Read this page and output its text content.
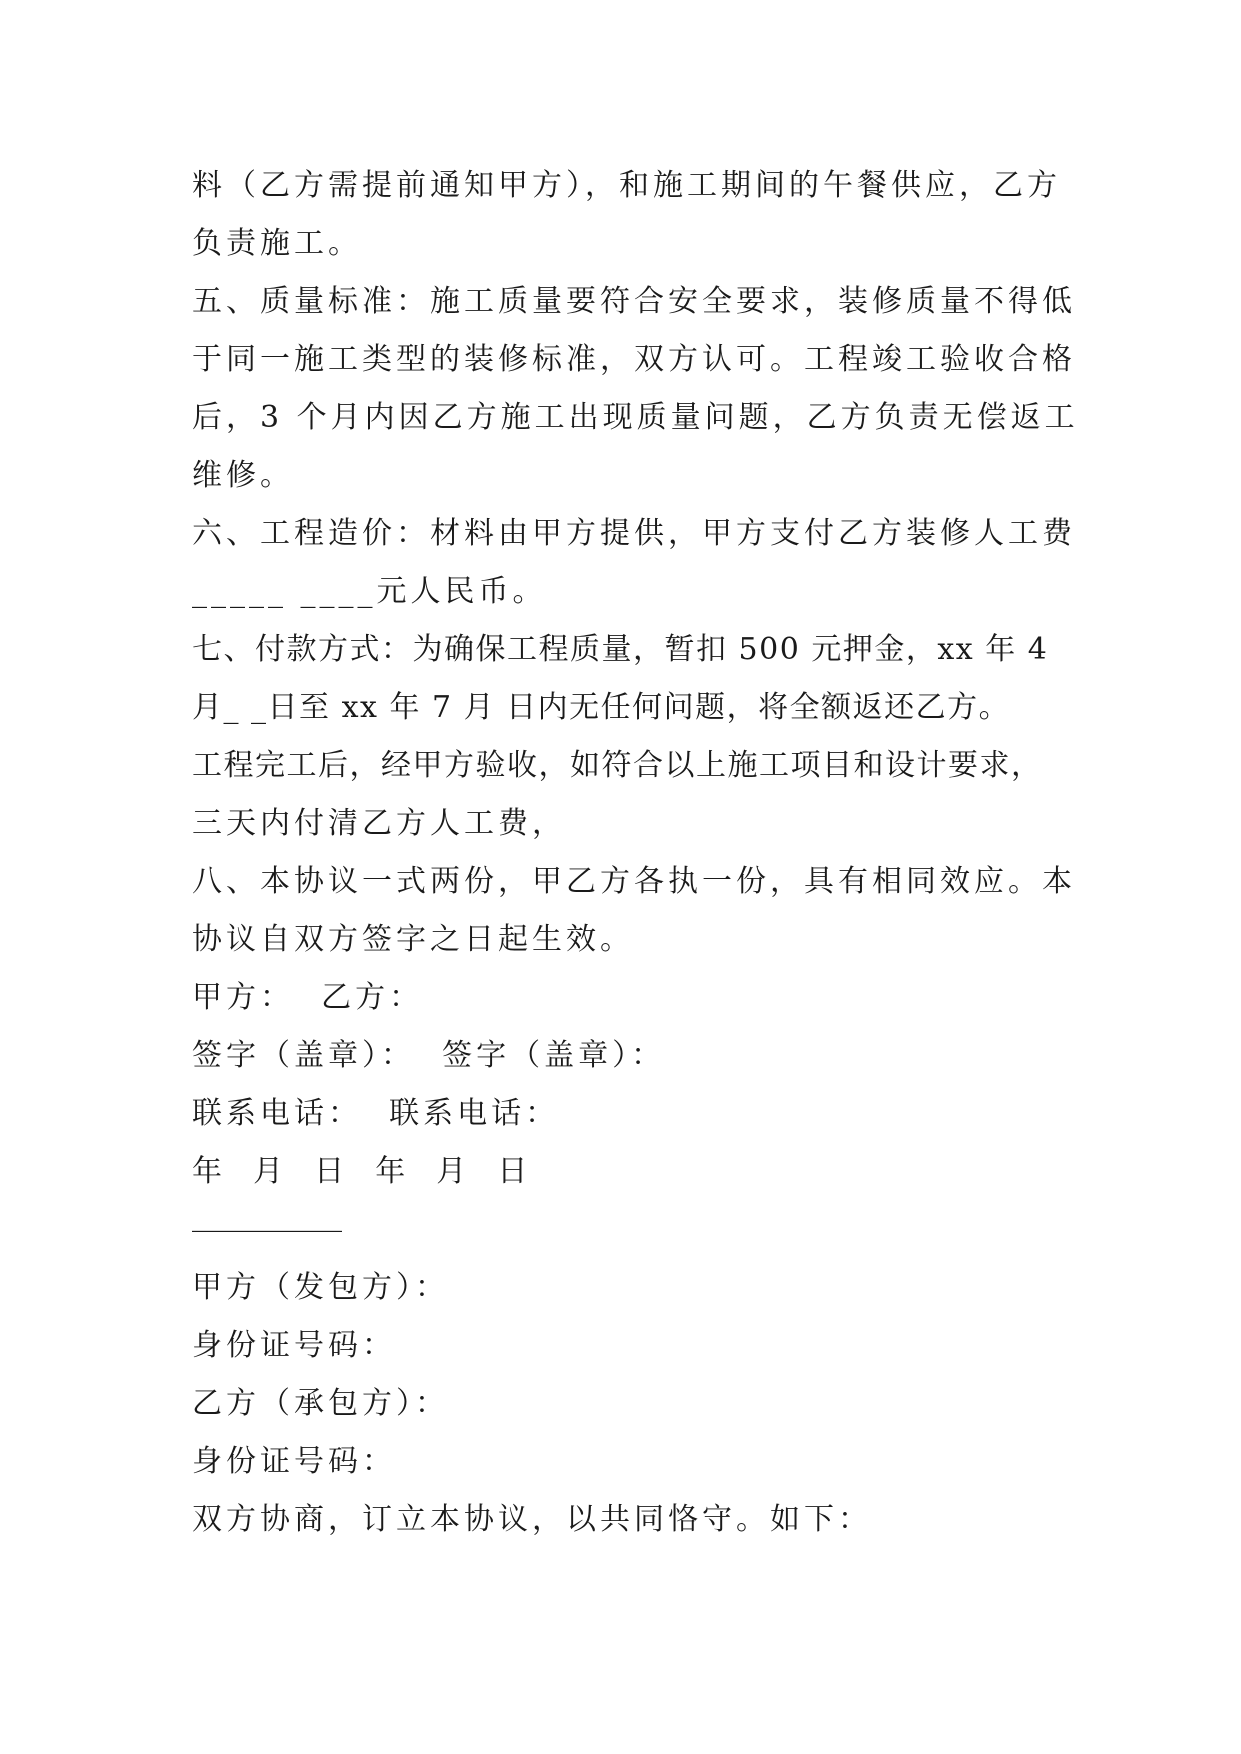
料（乙方需提前通知甲方），和施工期间的午餐供应，乙方
负责施工。
五、质量标准：施工质量要符合安全要求，装修质量不得低
于同一施工类型的装修标准，双方认可。工程竣工验收合格
后，3 个月内因乙方施工出现质量问题，乙方负责无偿返工
维修。
六、工程造价：材料由甲方提供，甲方支付乙方装修人工费
_____ ____元人民币。
七、付款方式：为确保工程质量，暂扣 500 元押金，xx 年 4
月_ _日至 xx 年 7 月 日内无任何问题，将全额返还乙方。
工程完工后，经甲方验收，如符合以上施工项目和设计要求，
三天内付清乙方人工费，
八、本协议一式两份，甲乙方各执一份，具有相同效应。本
协议自双方签字之日起生效。
甲方：  乙方：
签字（盖章）：  签字（盖章）：
联系电话：  联系电话：
年  月  日  年  月  日
__________
甲方（发包方）：
身份证号码：
乙方（承包方）：
身份证号码：
双方协商，订立本协议，以共同恪守。如下：
